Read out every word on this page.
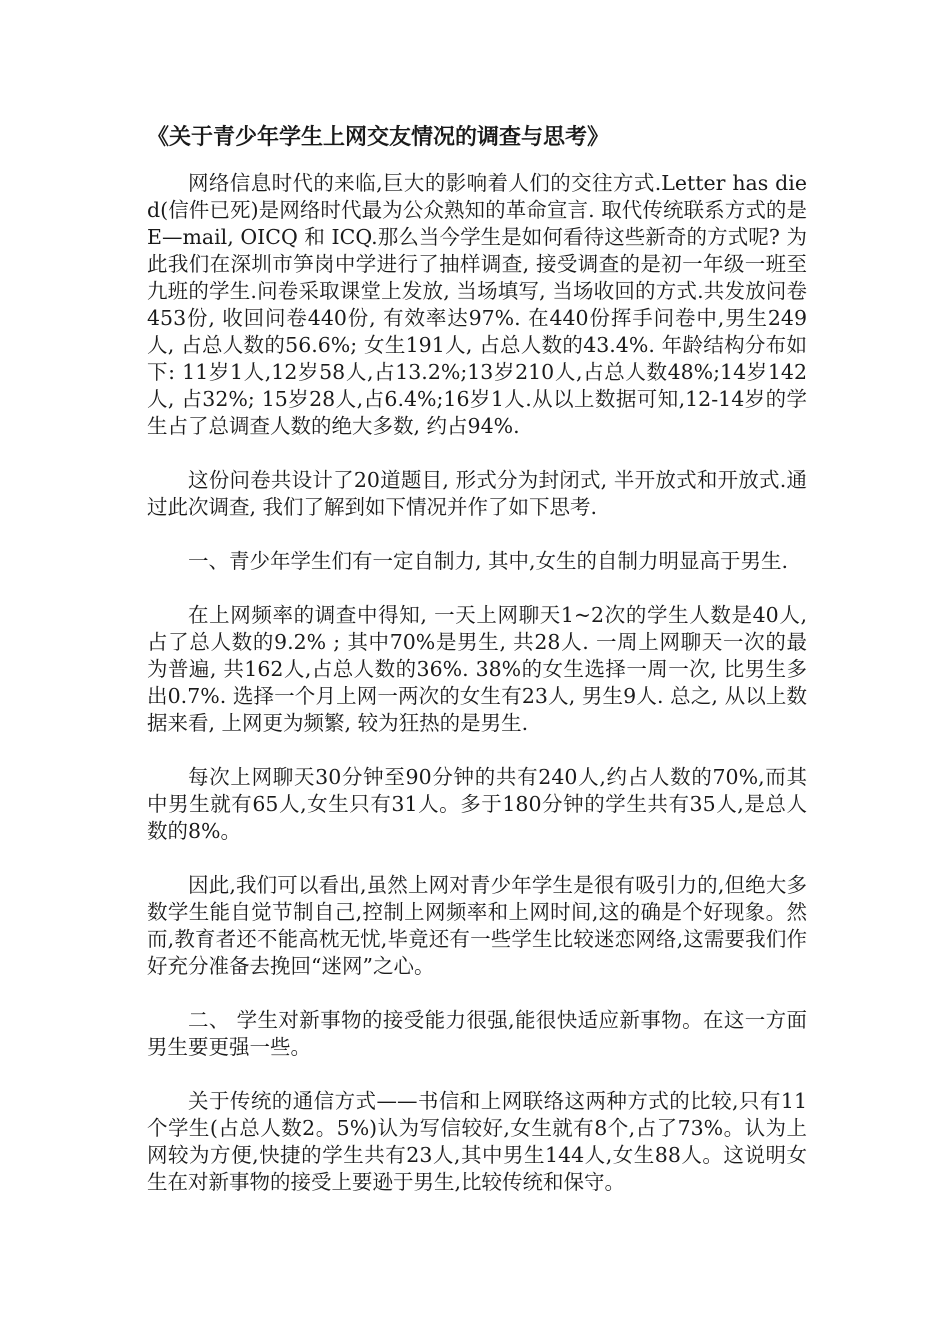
《关于青少年学生上网交友情况的调查与思考》

网络信息时代的来临,巨大的影响着人们的交往方式.Letter has died(信件已死)是网络时代最为公众熟知的革命宣言. 取代传统联系方式的是E—mail, OICQ 和 ICQ.那么当今学生是如何看待这些新奇的方式呢? 为此我们在深圳市笋岗中学进行了抽样调查, 接受调查的是初一年级一班至九班的学生.问卷采取课堂上发放, 当场填写, 当场收回的方式.共发放问卷453份, 收回问卷440份, 有效率达97%. 在440份挥手问卷中,男生249人, 占总人数的56.6%; 女生191人, 占总人数的43.4%. 年龄结构分布如下: 11岁1人,12岁58人,占13.2%;13岁210人,占总人数48%;14岁142人, 占32%; 15岁28人,占6.4%;16岁1人.从以上数据可知,12-14岁的学生占了总调查人数的绝大多数, 约占94%.

这份问卷共设计了20道题目, 形式分为封闭式, 半开放式和开放式.通过此次调查, 我们了解到如下情况并作了如下思考.

一、青少年学生们有一定自制力, 其中,女生的自制力明显高于男生.

在上网频率的调查中得知, 一天上网聊天1~2次的学生人数是40人,占了总人数的9.2% ; 其中70%是男生, 共28人. 一周上网聊天一次的最为普遍, 共162人,占总人数的36%. 38%的女生选择一周一次, 比男生多出0.7%. 选择一个月上网一两次的女生有23人, 男生9人. 总之, 从以上数据来看, 上网更为频繁, 较为狂热的是男生.

每次上网聊天30分钟至90分钟的共有240人,约占人数的70%,而其中男生就有65人,女生只有31人。多于180分钟的学生共有35人,是总人数的8%。

因此,我们可以看出,虽然上网对青少年学生是很有吸引力的,但绝大多数学生能自觉节制自己,控制上网频率和上网时间,这的确是个好现象。然而,教育者还不能高枕无忧,毕竟还有一些学生比较迷恋网络,这需要我们作好充分准备去挽回“迷网”之心。

二、 学生对新事物的接受能力很强,能很快适应新事物。在这一方面男生要更强一些。

关于传统的通信方式——书信和上网联络这两种方式的比较,只有11个学生(占总人数2。5%)认为写信较好,女生就有8个,占了73%。认为上网较为方便,快捷的学生共有23人,其中男生144人,女生88人。这说明女生在对新事物的接受上要逊于男生,比较传统和保守。
